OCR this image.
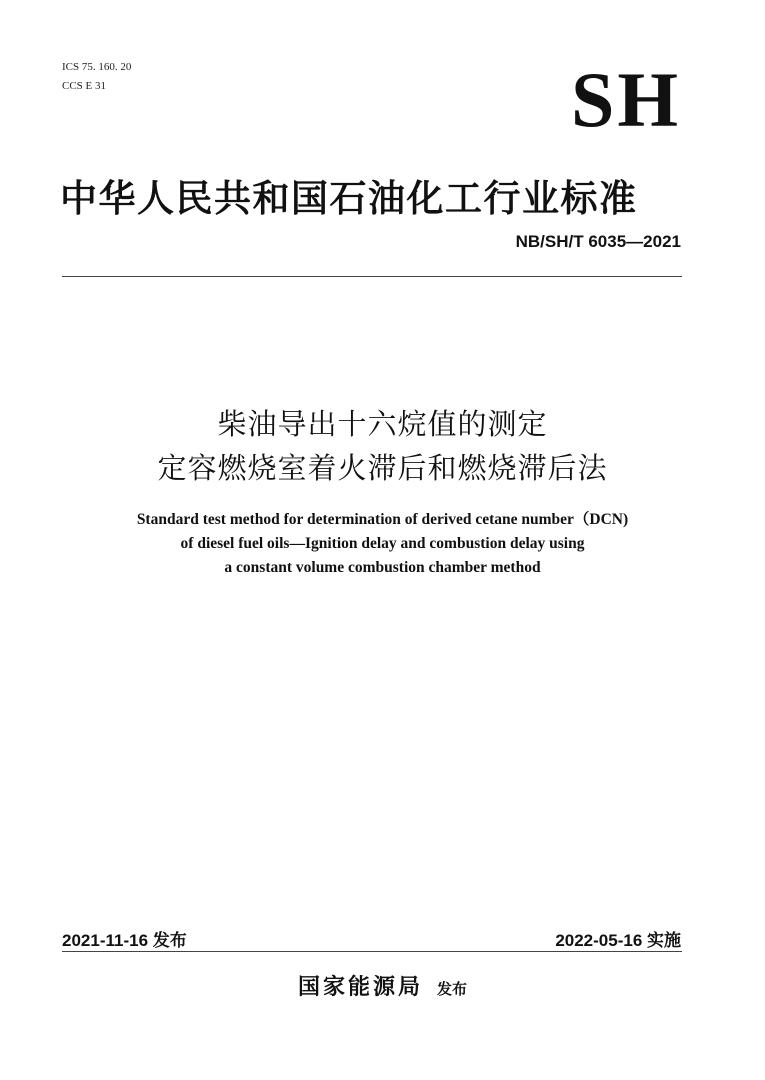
ICS 75. 160. 20
CCS E 31	SH
中华人民共和国石油化工行业标准
NB/SH/T 6035—2021
柴油导出十六烷值的测定
定容燃烧室着火滞后和燃烧滞后法
Standard test method for determination of derived cetane number（DCN)
of diesel fuel oils—Ignition delay and combustion delay using
a constant volume combustion chamber method
2021-11-16 发布	2022-05-16 实施
国家能源局 发布
